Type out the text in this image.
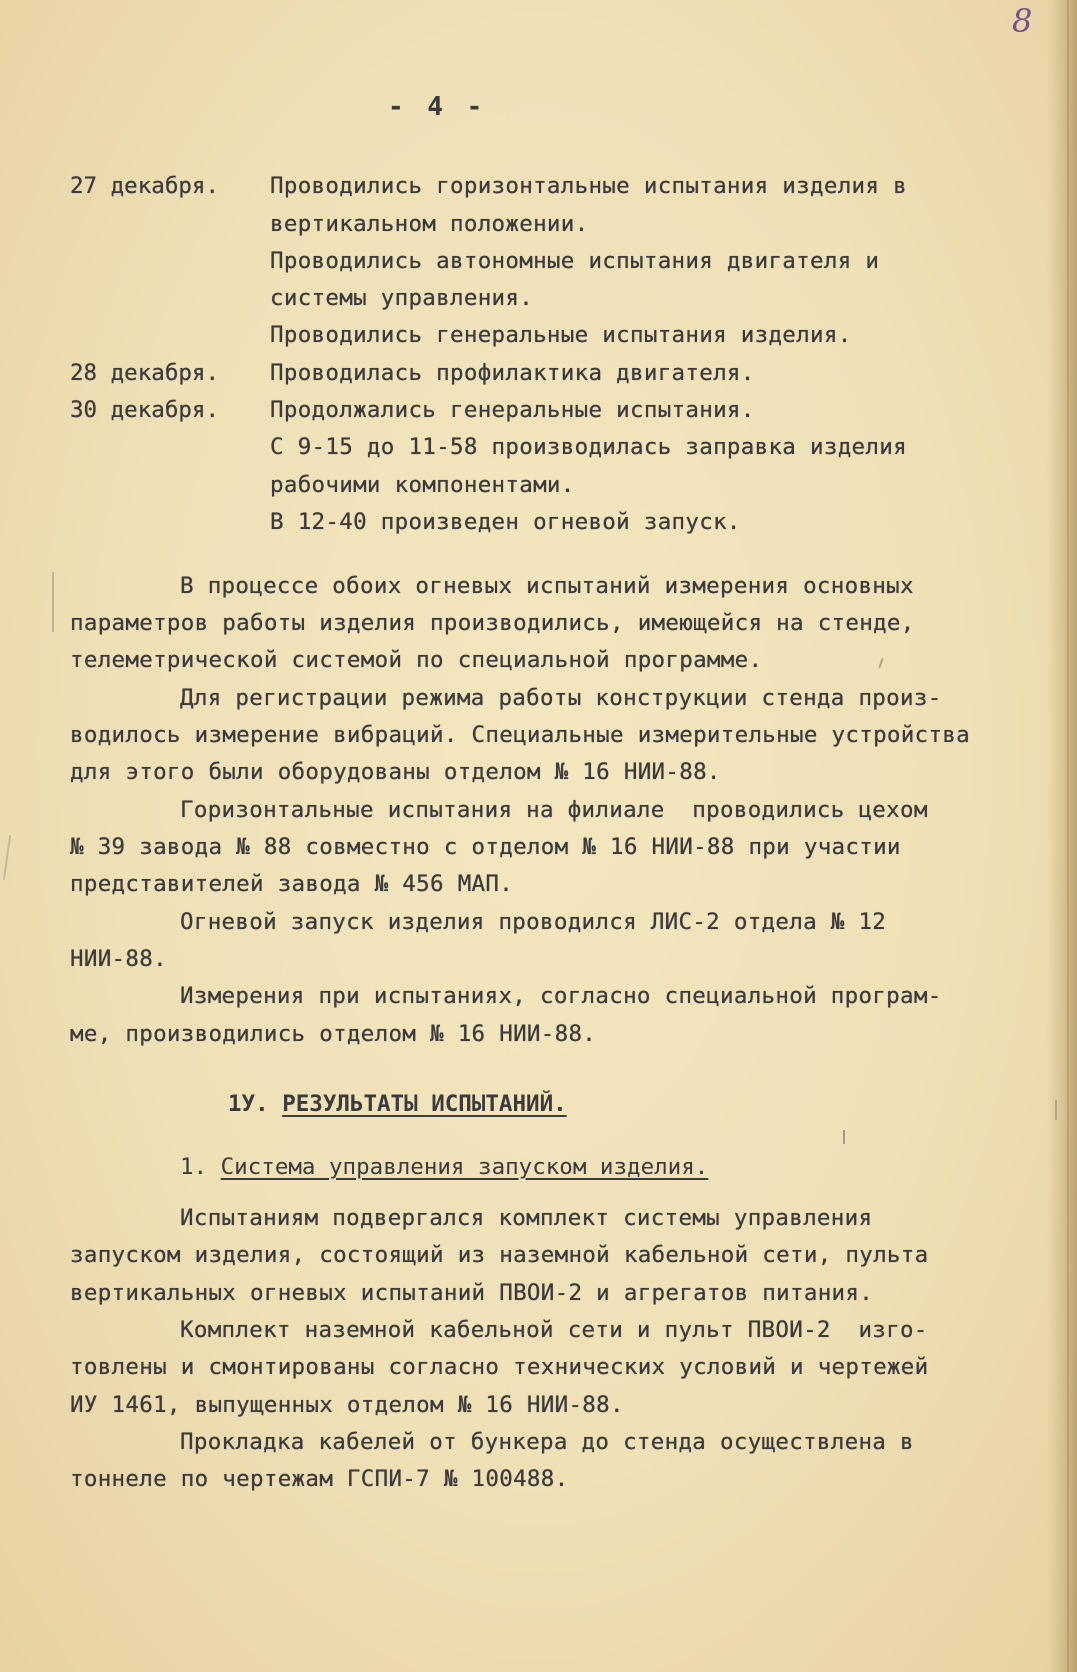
8
- 4 -
27 декабря. Проводились горизонтальные испытания изделия в
вертикальном положении.
Проводились автономные испытания двигателя и
системы управления.
Проводились генеральные испытания изделия.
28 декабря. Проводилась профилактика двигателя.
30 декабря. Продолжались генеральные испытания.
С 9-15 до 11-58 производилась заправка изделия
рабочими компонентами.
В 12-40 произведен огневой запуск.
В процессе обоих огневых испытаний измерения основных
параметров работы изделия производились, имеющейся на стенде,
телеметрической системой по специальной программе.
Для регистрации режима работы конструкции стенда произ-
водилось измерение вибраций. Специальные измерительные устройства
для этого были оборудованы отделом № 16 НИИ-88.
Горизонтальные испытания на филиале  проводились цехом
№ 39 завода № 88 совместно с отделом № 16 НИИ-88 при участии
представителей завода № 456 МАП.
Огневой запуск изделия проводился ЛИС-2 отдела № 12
НИИ-88.
Измерения при испытаниях, согласно специальной програм-
ме, производились отделом № 16 НИИ-88.
1У. РЕЗУЛЬТАТЫ ИСПЫТАНИЙ.
1. Система управления запуском изделия.
Испытаниям подвергался комплект системы управления
запуском изделия, состоящий из наземной кабельной сети, пульта
вертикальных огневых испытаний ПВОИ-2 и агрегатов питания.
Комплект наземной кабельной сети и пульт ПВОИ-2  изго-
товлены и смонтированы согласно технических условий и чертежей
ИУ 1461, выпущенных отделом № 16 НИИ-88.
Прокладка кабелей от бункера до стенда осуществлена в
тоннеле по чертежам ГСПИ-7 № 100488.
